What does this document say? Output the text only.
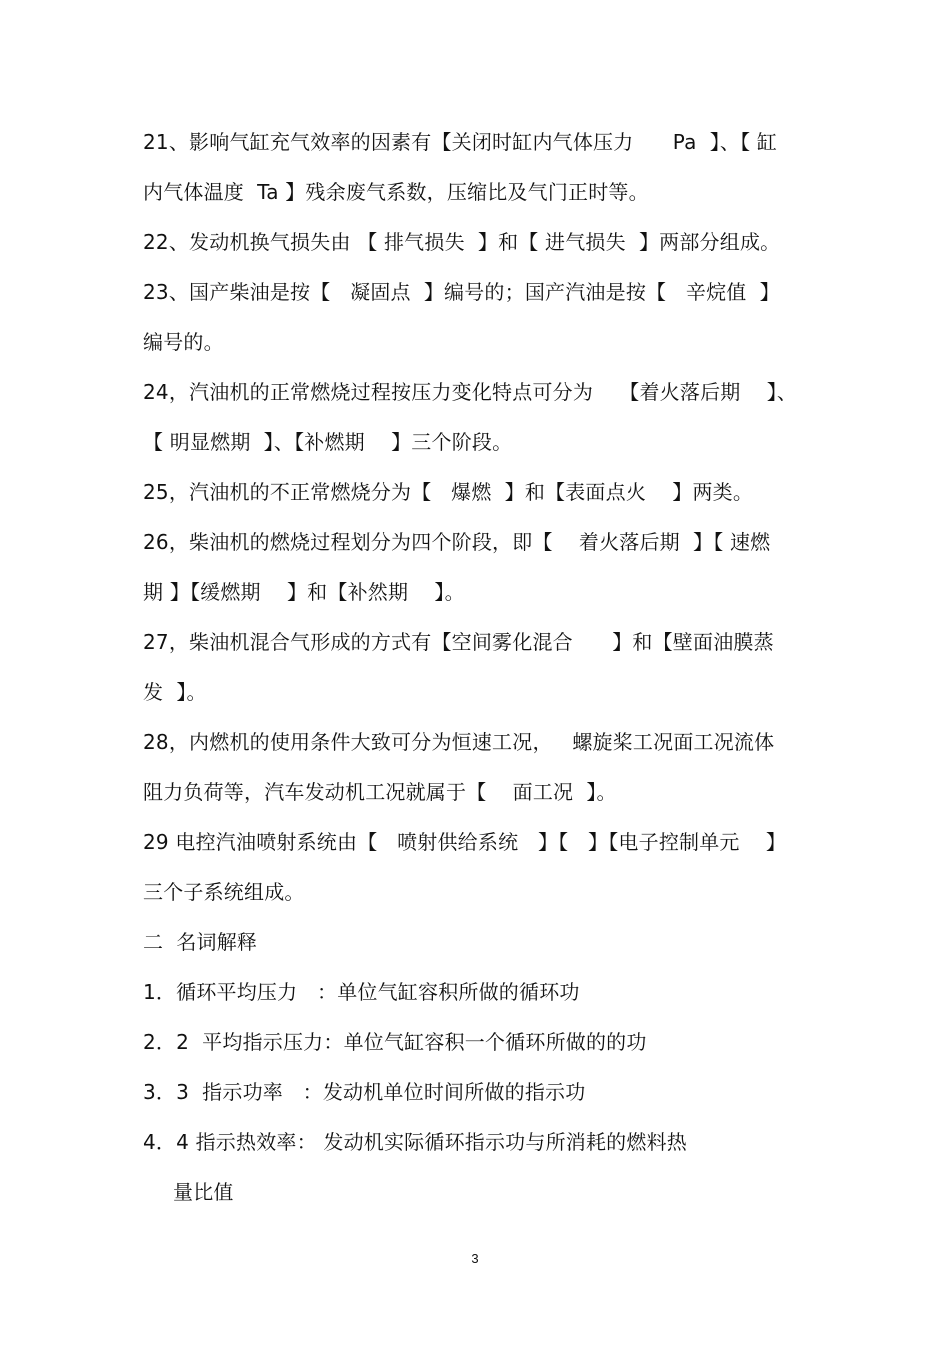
21、影响气缸充气效率的因素有【关闭时缸内气体压力      Pa  】、【 缸
内气体温度  Ta 】残余废气系数，压缩比及气门正时等。
22、发动机换气损失由 【 排气损失  】和【 进气损失  】两部分组成。
23、国产柴油是按【   凝固点  】编号的；国产汽油是按【   辛烷值  】
编号的。
24，汽油机的正常燃烧过程按压力变化特点可分为    【着火落后期    】、
【 明显燃期  】、【补燃期    】三个阶段。
25，汽油机的不正常燃烧分为【   爆燃  】和【表面点火    】两类。
26，柴油机的燃烧过程划分为四个阶段，即【    着火落后期  】【 速燃
期 】【缓燃期    】和【补然期    】。
27，柴油机混合气形成的方式有【空间雾化混合      】和【壁面油膜蒸
发  】。
28，内燃机的使用条件大致可分为恒速工况，   螺旋桨工况面工况流体
阻力负荷等，汽车发动机工况就属于【    面工况  】。
29 电控汽油喷射系统由【   喷射供给系统   】【   】【电子控制单元    】
三个子系统组成。
二  名词解释
1．循环平均压力   ：单位气缸容积所做的循环功
2．2  平均指示压力：单位气缸容积一个循环所做的的功
3．3  指示功率   ：发动机单位时间所做的指示功
4．4 指示热效率： 发动机实际循环指示功与所消耗的燃料热
量比值
3
